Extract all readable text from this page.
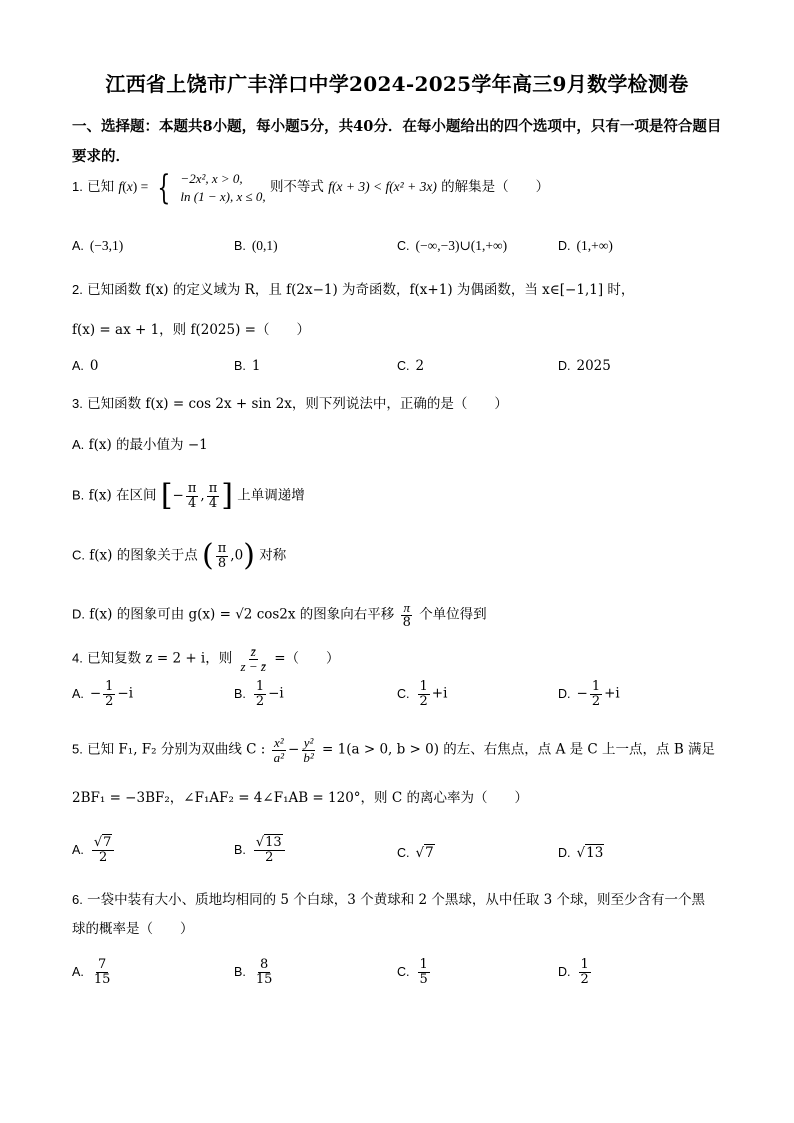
江西省上饶市广丰洋口中学2024-2025学年高三9月数学检测卷
一、选择题：本题共8小题，每小题5分，共40分．在每小题给出的四个选项中，只有一项是符合题目要求的．
1. 已知 f(x) = { −2x², x > 0,
ln (1 − x), x ≤ 0,
则不等式 f(x + 3) < f(x² + 3x) 的解集是（　　）
A. (−3,1)	B. (0,1)	C. (−∞,−3)∪(1,+∞)	D. (1,+∞)
2. 已知函数 f(x) 的定义域为 R，且 f(2x−1) 为奇函数，f(x+1) 为偶函数，当 x∈[−1,1] 时，
f(x) = ax + 1，则 f(2025) =（　　）
A. 0	B. 1	C. 2	D. 2025
3. 已知函数 f(x) = cos 2x + sin 2x，则下列说法中，正确的是（　　）
A. f(x) 的最小值为 −1
B. f(x) 在区间 [− $\frac{\pi}{4}$ , $\frac{\pi}{4}$ ] 上单调递增
C. f(x) 的图象关于点 ( $\frac{\pi}{8} ,0$) 对称
D. f(x) 的图象可由 g(x) = √2 cos2x 的图象向右平移 $\frac{\pi}{8}$ 个单位得到
4. 已知复数 z = 2 + i，则 $\frac{z̄}{z - z̄}$ =（　　）
A. − $\frac{1}{2} -i$	B. $\frac{1}{2} -i$	C. $\frac{1}{2} +i$	D. − $\frac{1}{2} +i$
5. 已知 F₁, F₂ 分别为双曲线 C : $\frac{\text{x²}}{\text{a²}} - \frac{\text{y²}}{\text{b²}} = 1(a > 0$, b > 0) 的左、右焦点，点 A 是 C 上一点，点 B 满足
2BF₁ = −3BF₂，∠F₁AF₂ = 4∠F₁AB = 120°，则 C 的离心率为（　　）
A. $\frac{√7}{2}$	B. $\frac{√13}{2}$	C. √7	D. √13
6. 一袋中装有大小、质地均相同的 5 个白球，3 个黄球和 2 个黑球，从中任取 3 个球，则至少含有一个黑
球的概率是（　　）
A. $\frac{7}{15}$	B. $\frac{8}{15}$	C. $\frac{1}{5}$	D. $\frac{1}{2}$
